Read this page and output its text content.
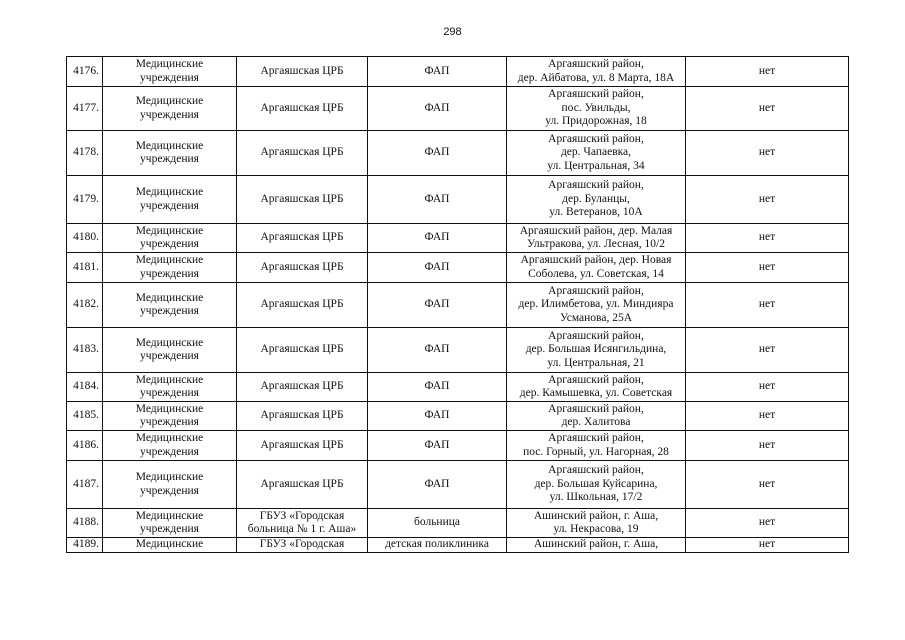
298
4176.	Медицинские
учреждения	Аргаяшская ЦРБ	ФАП	Аргаяшский район,
дер. Айбатова, ул. 8 Марта, 18А	нет
4177.	Медицинские
учреждения	Аргаяшская ЦРБ	ФАП	Аргаяшский район,
пос. Увильды,
ул. Придорожная, 18	нет
4178.	Медицинские
учреждения	Аргаяшская ЦРБ	ФАП	Аргаяшский район,
дер. Чапаевка,
ул. Центральная, 34	нет
4179.	Медицинские
учреждения	Аргаяшская ЦРБ	ФАП	Аргаяшский район,
дер. Буланцы,
ул. Ветеранов, 10А	нет
4180.	Медицинские
учреждения	Аргаяшская ЦРБ	ФАП	Аргаяшский район, дер. Малая
Ультракова, ул. Лесная, 10/2	нет
4181.	Медицинские
учреждения	Аргаяшская ЦРБ	ФАП	Аргаяшский район, дер. Новая
Соболева, ул. Советская, 14	нет
4182.	Медицинские
учреждения	Аргаяшская ЦРБ	ФАП	Аргаяшский район,
дер. Илимбетова, ул. Миндияра
Усманова, 25А	нет
4183.	Медицинские
учреждения	Аргаяшская ЦРБ	ФАП	Аргаяшский район,
дер. Большая Исянгильдина,
ул. Центральная, 21	нет
4184.	Медицинские
учреждения	Аргаяшская ЦРБ	ФАП	Аргаяшский район,
дер. Камышевка, ул. Советская	нет
4185.	Медицинские
учреждения	Аргаяшская ЦРБ	ФАП	Аргаяшский район,
дер. Халитова	нет
4186.	Медицинские
учреждения	Аргаяшская ЦРБ	ФАП	Аргаяшский район,
пос. Горный, ул. Нагорная, 28	нет
4187.	Медицинские
учреждения	Аргаяшская ЦРБ	ФАП	Аргаяшский район,
дер. Большая Куйсарина,
ул. Школьная, 17/2	нет
4188.	Медицинские
учреждения	ГБУЗ «Городская
больница № 1 г. Аша»	больница	Ашинский район, г. Аша,
ул. Некрасова, 19	нет
4189.	Медицинские	ГБУЗ «Городская	детская поликлиника	Ашинский район, г. Аша,	нет
